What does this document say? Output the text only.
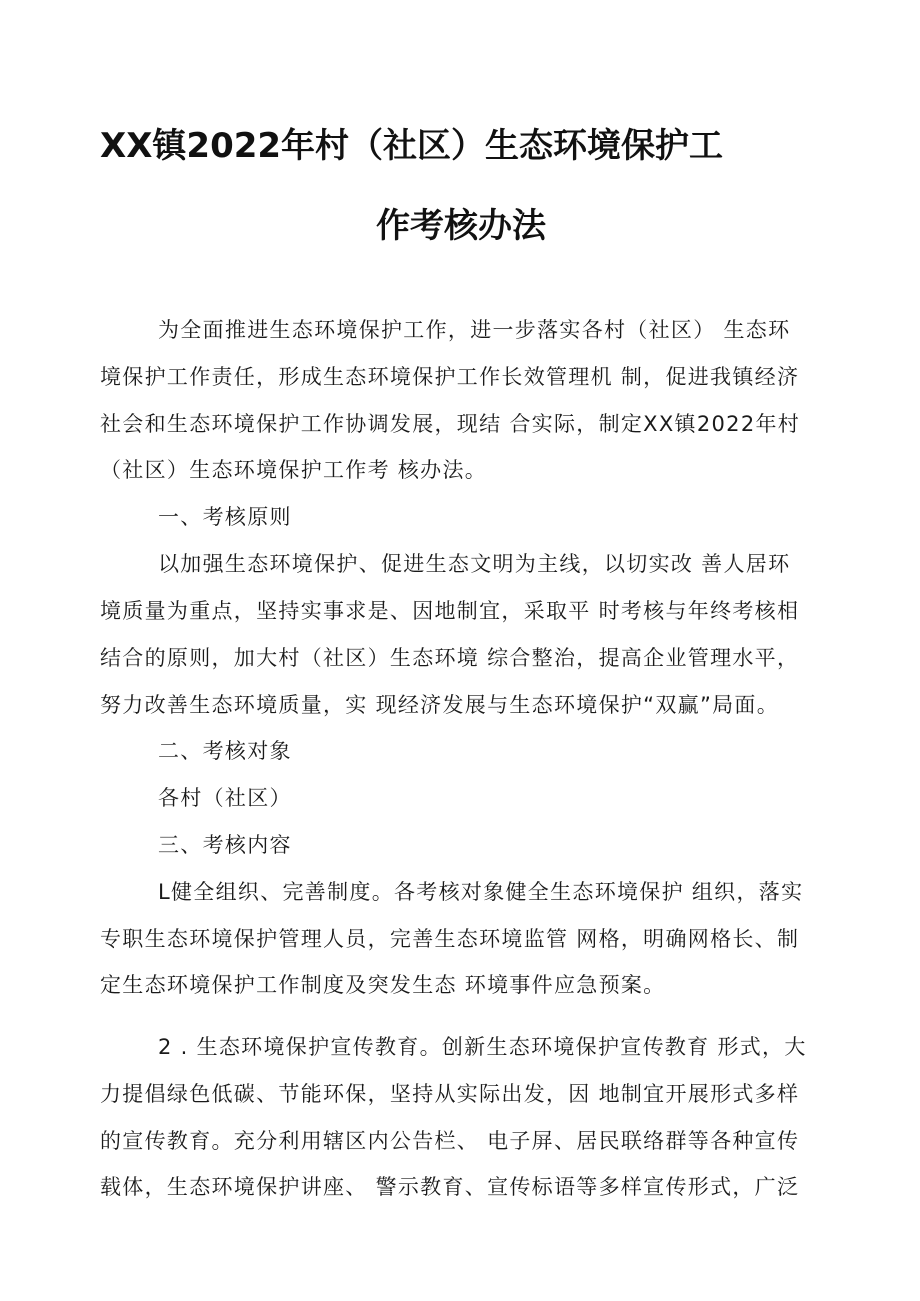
XX镇2022年村（社区）生态环境保护工
作考核办法
为全面推进生态环境保护工作，进一步落实各村（社区） 生态环
境保护工作责任，形成生态环境保护工作长效管理机 制，促进我镇经济
社会和生态环境保护工作协调发展，现结 合实际，制定XX镇2022年村
（社区）生态环境保护工作考 核办法。
一、考核原则
以加强生态环境保护、促进生态文明为主线，以切实改 善人居环
境质量为重点，坚持实事求是、因地制宜，采取平 时考核与年终考核相
结合的原则，加大村（社区）生态环境 综合整治，提高企业管理水平，
努力改善生态环境质量，实 现经济发展与生态环境保护“双赢”局面。
二、考核对象
各村（社区）
三、考核内容
L健全组织、完善制度。各考核对象健全生态环境保护 组织，落实
专职生态环境保护管理人员，完善生态环境监管 网格，明确网格长、制
定生态环境保护工作制度及突发生态 环境事件应急预案。
2 . 生态环境保护宣传教育。创新生态环境保护宣传教育 形式，大
力提倡绿色低碳、节能环保，坚持从实际出发，因 地制宜开展形式多样
的宣传教育。充分利用辖区内公告栏、 电子屏、居民联络群等各种宣传
载体，生态环境保护讲座、 警示教育、宣传标语等多样宣传形式，广泛
